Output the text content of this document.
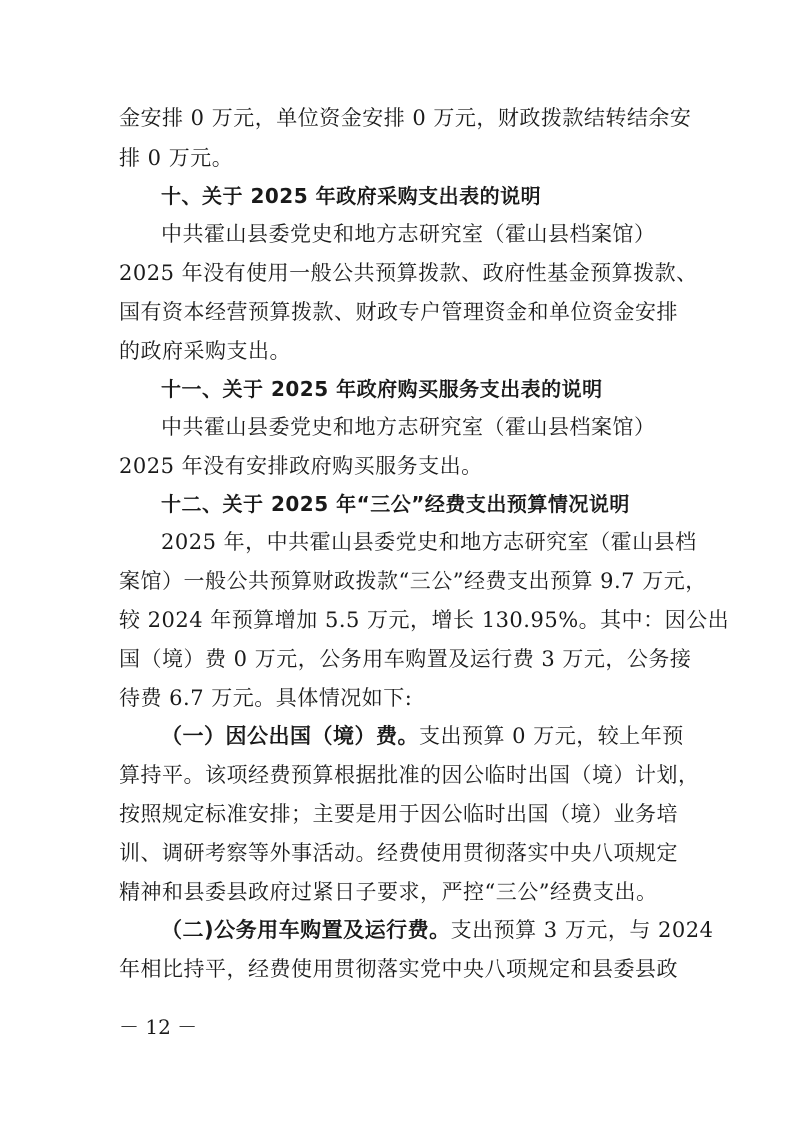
金安排 0 万元，单位资金安排 0 万元，财政拨款结转结余安
排 0 万元。
十、关于 2025 年政府采购支出表的说明
中共霍山县委党史和地方志研究室（霍山县档案馆）
2025 年没有使用一般公共预算拨款、政府性基金预算拨款、
国有资本经营预算拨款、财政专户管理资金和单位资金安排
的政府采购支出。
十一、关于 2025 年政府购买服务支出表的说明
中共霍山县委党史和地方志研究室（霍山县档案馆）
2025 年没有安排政府购买服务支出。
十二、关于 2025 年“三公”经费支出预算情况说明
2025 年，中共霍山县委党史和地方志研究室（霍山县档
案馆）一般公共预算财政拨款“三公”经费支出预算 9.7 万元，
较 2024 年预算增加 5.5 万元，增长 130.95%。其中：因公出
国（境）费 0 万元，公务用车购置及运行费 3 万元，公务接
待费 6.7 万元。具体情况如下:
（一）因公出国（境）费。支出预算 0 万元，较上年预
算持平。该项经费预算根据批准的因公临时出国（境）计划，
按照规定标准安排；主要是用于因公临时出国（境）业务培
训、调研考察等外事活动。经费使用贯彻落实中央八项规定
精神和县委县政府过紧日子要求，严控“三公”经费支出。
（二)公务用车购置及运行费。支出预算 3 万元，与 2024
年相比持平，经费使用贯彻落实党中央八项规定和县委县政
－ 12 －
